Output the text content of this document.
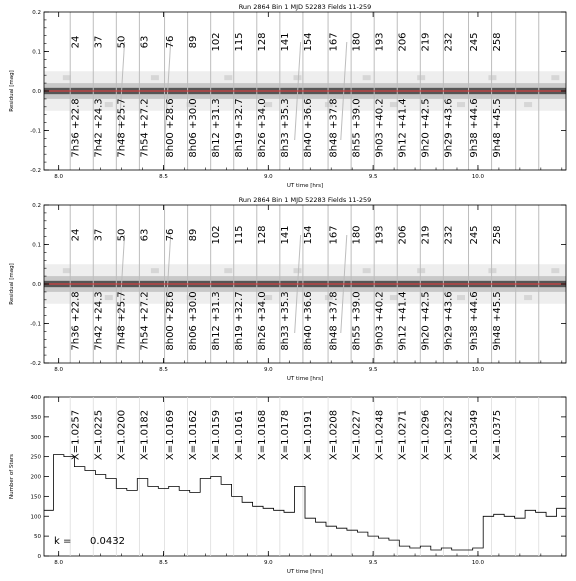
Run 2864 Bin 1 MJD 52283 Fields 11-259
-0.2
-0.1
0.0
0.1
0.2
8.0	8.5	9.0	9.5	10.0
UT time [hrs]
Residual [mag]
24
7h36 +22.8
37
7h42 +24.3
50
7h48 +25.7
63
7h54 +27.2
76
8h00 +28.6
89
8h06 +30.0
102
8h12 +31.3
115
8h19 +32.7
128
8h26 +34.0
141
8h33 +35.3
154
8h40 +36.6
167
8h48 +37.8
180
8h55 +39.0
193
9h03 +40.2
206
9h12 +41.4
219
9h20 +42.5
232
9h29 +43.6
245
9h38 +44.6
258
9h48 +45.5
Run 2864 Bin 1 MJD 52283 Fields 11-259
-0.2
-0.1
0.0
0.1
0.2
8.0	8.5	9.0	9.5	10.0
UT time [hrs]
Residual [mag]
24
7h36 +22.8
37
7h42 +24.3
50
7h48 +25.7
63
7h54 +27.2
76
8h00 +28.6
89
8h06 +30.0
102
8h12 +31.3
115
8h19 +32.7
128
8h26 +34.0
141
8h33 +35.3
154
8h40 +36.6
167
8h48 +37.8
180
8h55 +39.0
193
9h03 +40.2
206
9h12 +41.4
219
9h20 +42.5
232
9h29 +43.6
245
9h38 +44.6
258
9h48 +45.5
0
50
100
150
200
250
300
350
400
8.0	8.5	9.0	9.5	10.0
UT time [hrs]
Number of Stars
X=1.0257 X=1.0225 X=1.0200 X=1.0182 X=1.0169 X=1.0162 X=1.0159 X=1.0161 X=1.0168 X=1.0178 X=1.0191 X=1.0208 X=1.0227 X=1.0248 X=1.0271 X=1.0296 X=1.0322 X=1.0349 X=1.0375
k = 0.0432
